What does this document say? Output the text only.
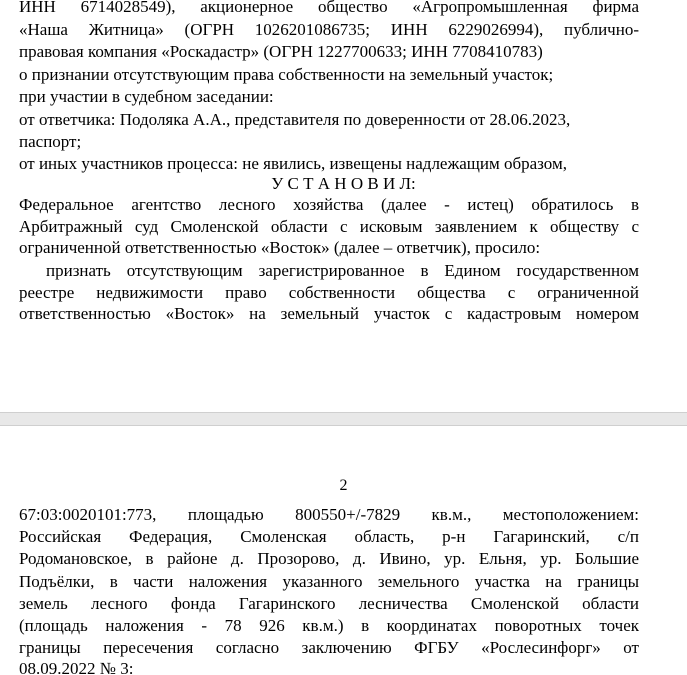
ИНН 6714028549), акционерное общество «Агропромышленная фирма
«Наша Житница» (ОГРН 1026201086735; ИНН 6229026994), публично-
правовая компания «Роскадастр» (ОГРН 1227700633; ИНН 7708410783)
о признании отсутствующим права собственности на земельный участок;
при участии в судебном заседании:
от ответчика: Подоляка А.А., представителя по доверенности от 28.06.2023,
паспорт;
от иных участников процесса: не явились, извещены надлежащим образом,
У С Т А Н О В И Л:
Федеральное агентство лесного хозяйства (далее - истец) обратилось в
Арбитражный суд Смоленской области с исковым заявлением к обществу с
ограниченной ответственностью «Восток» (далее – ответчик), просило:
признать отсутствующим зарегистрированное в Едином государственном
реестре недвижимости право собственности общества с ограниченной
ответственностью «Восток» на земельный участок с кадастровым номером
2
67:03:0020101:773, площадью 800550+/-7829 кв.м., местоположением:
Российская Федерация, Смоленская область, р-н Гагаринский, с/п
Родомановское, в районе д. Прозорово, д. Ивино, ур. Ельня, ур. Большие
Подъёлки, в части наложения указанного земельного участка на границы
земель лесного фонда Гагаринского лесничества Смоленской области
(площадь наложения - 78 926 кв.м.) в координатах поворотных точек
границы пересечения согласно заключению ФГБУ «Рослесинфорг» от
08.09.2022 № 3:
